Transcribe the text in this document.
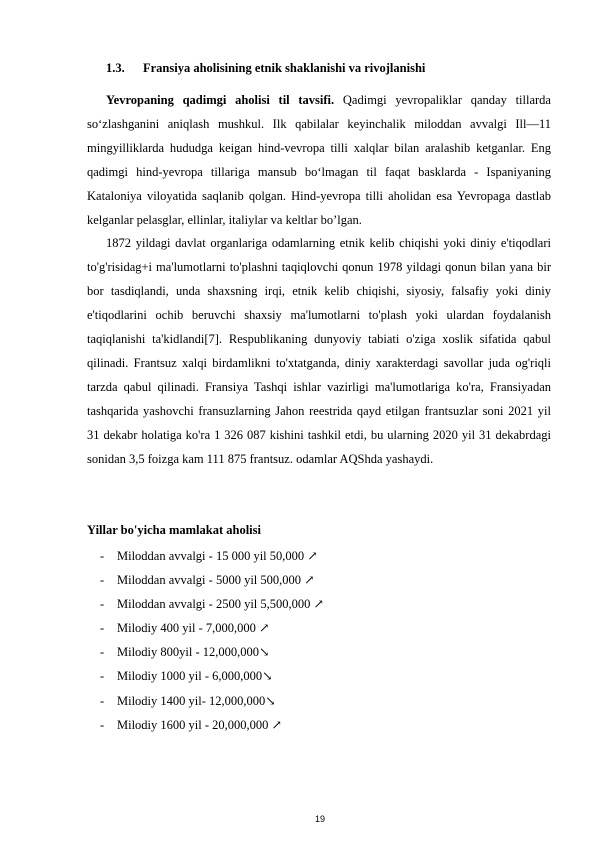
1.3. Fransiya aholisining etnik shaklanishi va rivojlanishi

Yevropaning qadimgi aholisi til tavsifi. Qadimgi yevropaliklar qanday tillarda so‘zlashganini aniqlash mushkul. Ilk qabilalar keyinchalik miloddan avvalgi Ill—11 mingyilliklarda hududga keigan hind-vevropa tilli xalqlar bilan aralashib ketganlar. Eng qadimgi hind-yevropa tillariga mansub bo‘lmagan til faqat basklarda - Ispaniyaning Kataloniya viloyatida saqlanib qolgan. Hind-yevropa tilli aholidan esa Yevropaga dastlab kelganlar pelasglar, ellinlar, italiylar va keltlar bo’lgan.

1872 yildagi davlat organlariga odamlarning etnik kelib chiqishi yoki diniy e'tiqodlari to'g'risidag+i ma'lumotlarni to'plashni taqiqlovchi qonun 1978 yildagi qonun bilan yana bir bor tasdiqlandi, unda shaxsning irqi, etnik kelib chiqishi, siyosiy, falsafiy yoki diniy e'tiqodlarini ochib beruvchi shaxsiy ma'lumotlarni to'plash yoki ulardan foydalanish taqiqlanishi ta'kidlandi[7]. Respublikaning dunyoviy tabiati o'ziga xoslik sifatida qabul qilinadi. Frantsuz xalqi birdamlikni to'xtatganda, diniy xarakterdagi savollar juda og'riqli tarzda qabul qilinadi. Fransiya Tashqi ishlar vazirligi ma'lumotlariga ko'ra, Fransiyadan tashqarida yashovchi fransuzlarning Jahon reestrida qayd etilgan frantsuzlar soni 2021 yil 31 dekabr holatiga ko'ra 1 326 087 kishini tashkil etdi, bu ularning 2020 yil 31 dekabrdagi sonidan 3,5 foizga kam 111 875 frantsuz. odamlar AQShda yashaydi.

Yillar bo'yicha mamlakat aholisi
- Miloddan avvalgi - 15 000 yil 50,000 ↗
- Miloddan avvalgi - 5000 yil 500,000 ↗
- Miloddan avvalgi - 2500 yil 5,500,000 ↗
- Milodiy 400 yil - 7,000,000 ↗
- Milodiy 800yil - 12,000,000↘
- Milodiy 1000 yil - 6,000,000↘
- Milodiy 1400 yil- 12,000,000↘
- Milodiy 1600 yil - 20,000,000 ↗
19
